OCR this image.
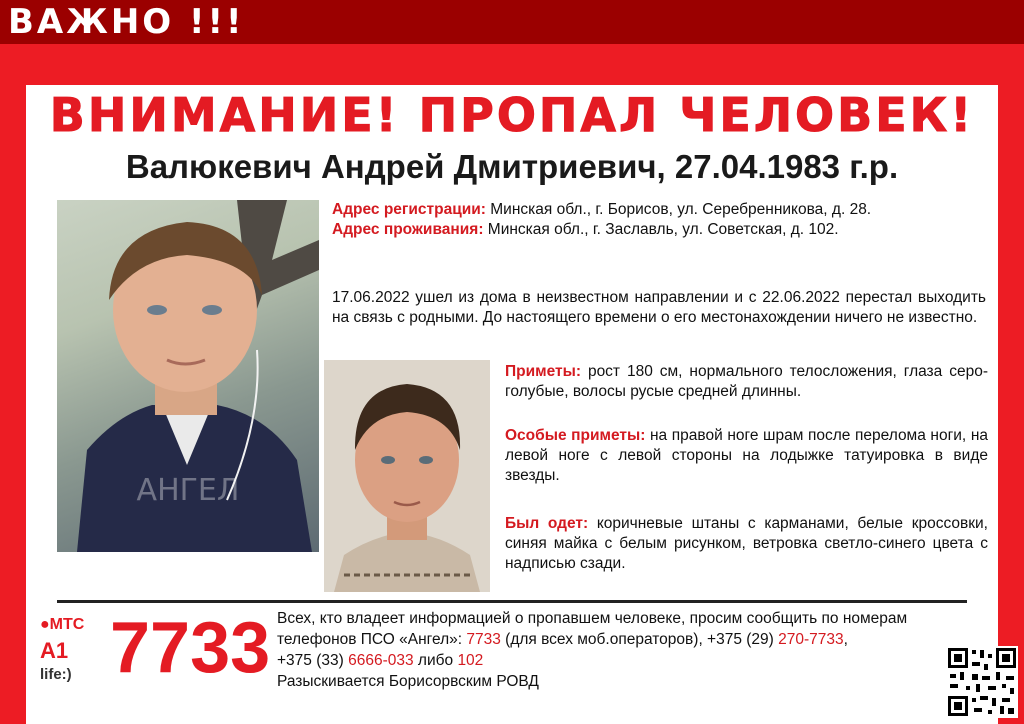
ВАЖНО !!!
ВНИМАНИЕ! ПРОПАЛ ЧЕЛОВЕК!
Валюкевич Андрей Дмитриевич, 27.04.1983 г.р.
АНГЕЛ
Адрес регистрации: Минская обл., г. Борисов, ул. Серебренникова, д. 28.
Адрес проживания: Минская обл., г. Заславль, ул. Советская, д. 102.
17.06.2022 ушел из дома в неизвестном направлении и с 22.06.2022 перестал выходить на связь с родными. До настоящего времени о его местонахождении ничего не известно.
Приметы: рост 180 см, нормального телосложения, глаза серо-голубые, волосы русые средней длинны.
Особые приметы: на правой ноге шрам после перелома ноги, на левой ноге с левой стороны на лодыжке татуировка в виде звезды.
Был одет: коричневые штаны с карманами, белые кроссовки, синяя майка с белым рисунком, ветровка светло-синего цвета с надписью сзади.
●МТС
A1
life:) 7733 Всех, кто владеет информацией о пропавшем человеке, просим сообщить по номерам телефонов ПСО «Ангел»: 7733 (для всех моб.операторов), +375 (29) 270-7733,
+375 (33) 6666-033 либо 102
Разыскивается Борисорвским РОВД
